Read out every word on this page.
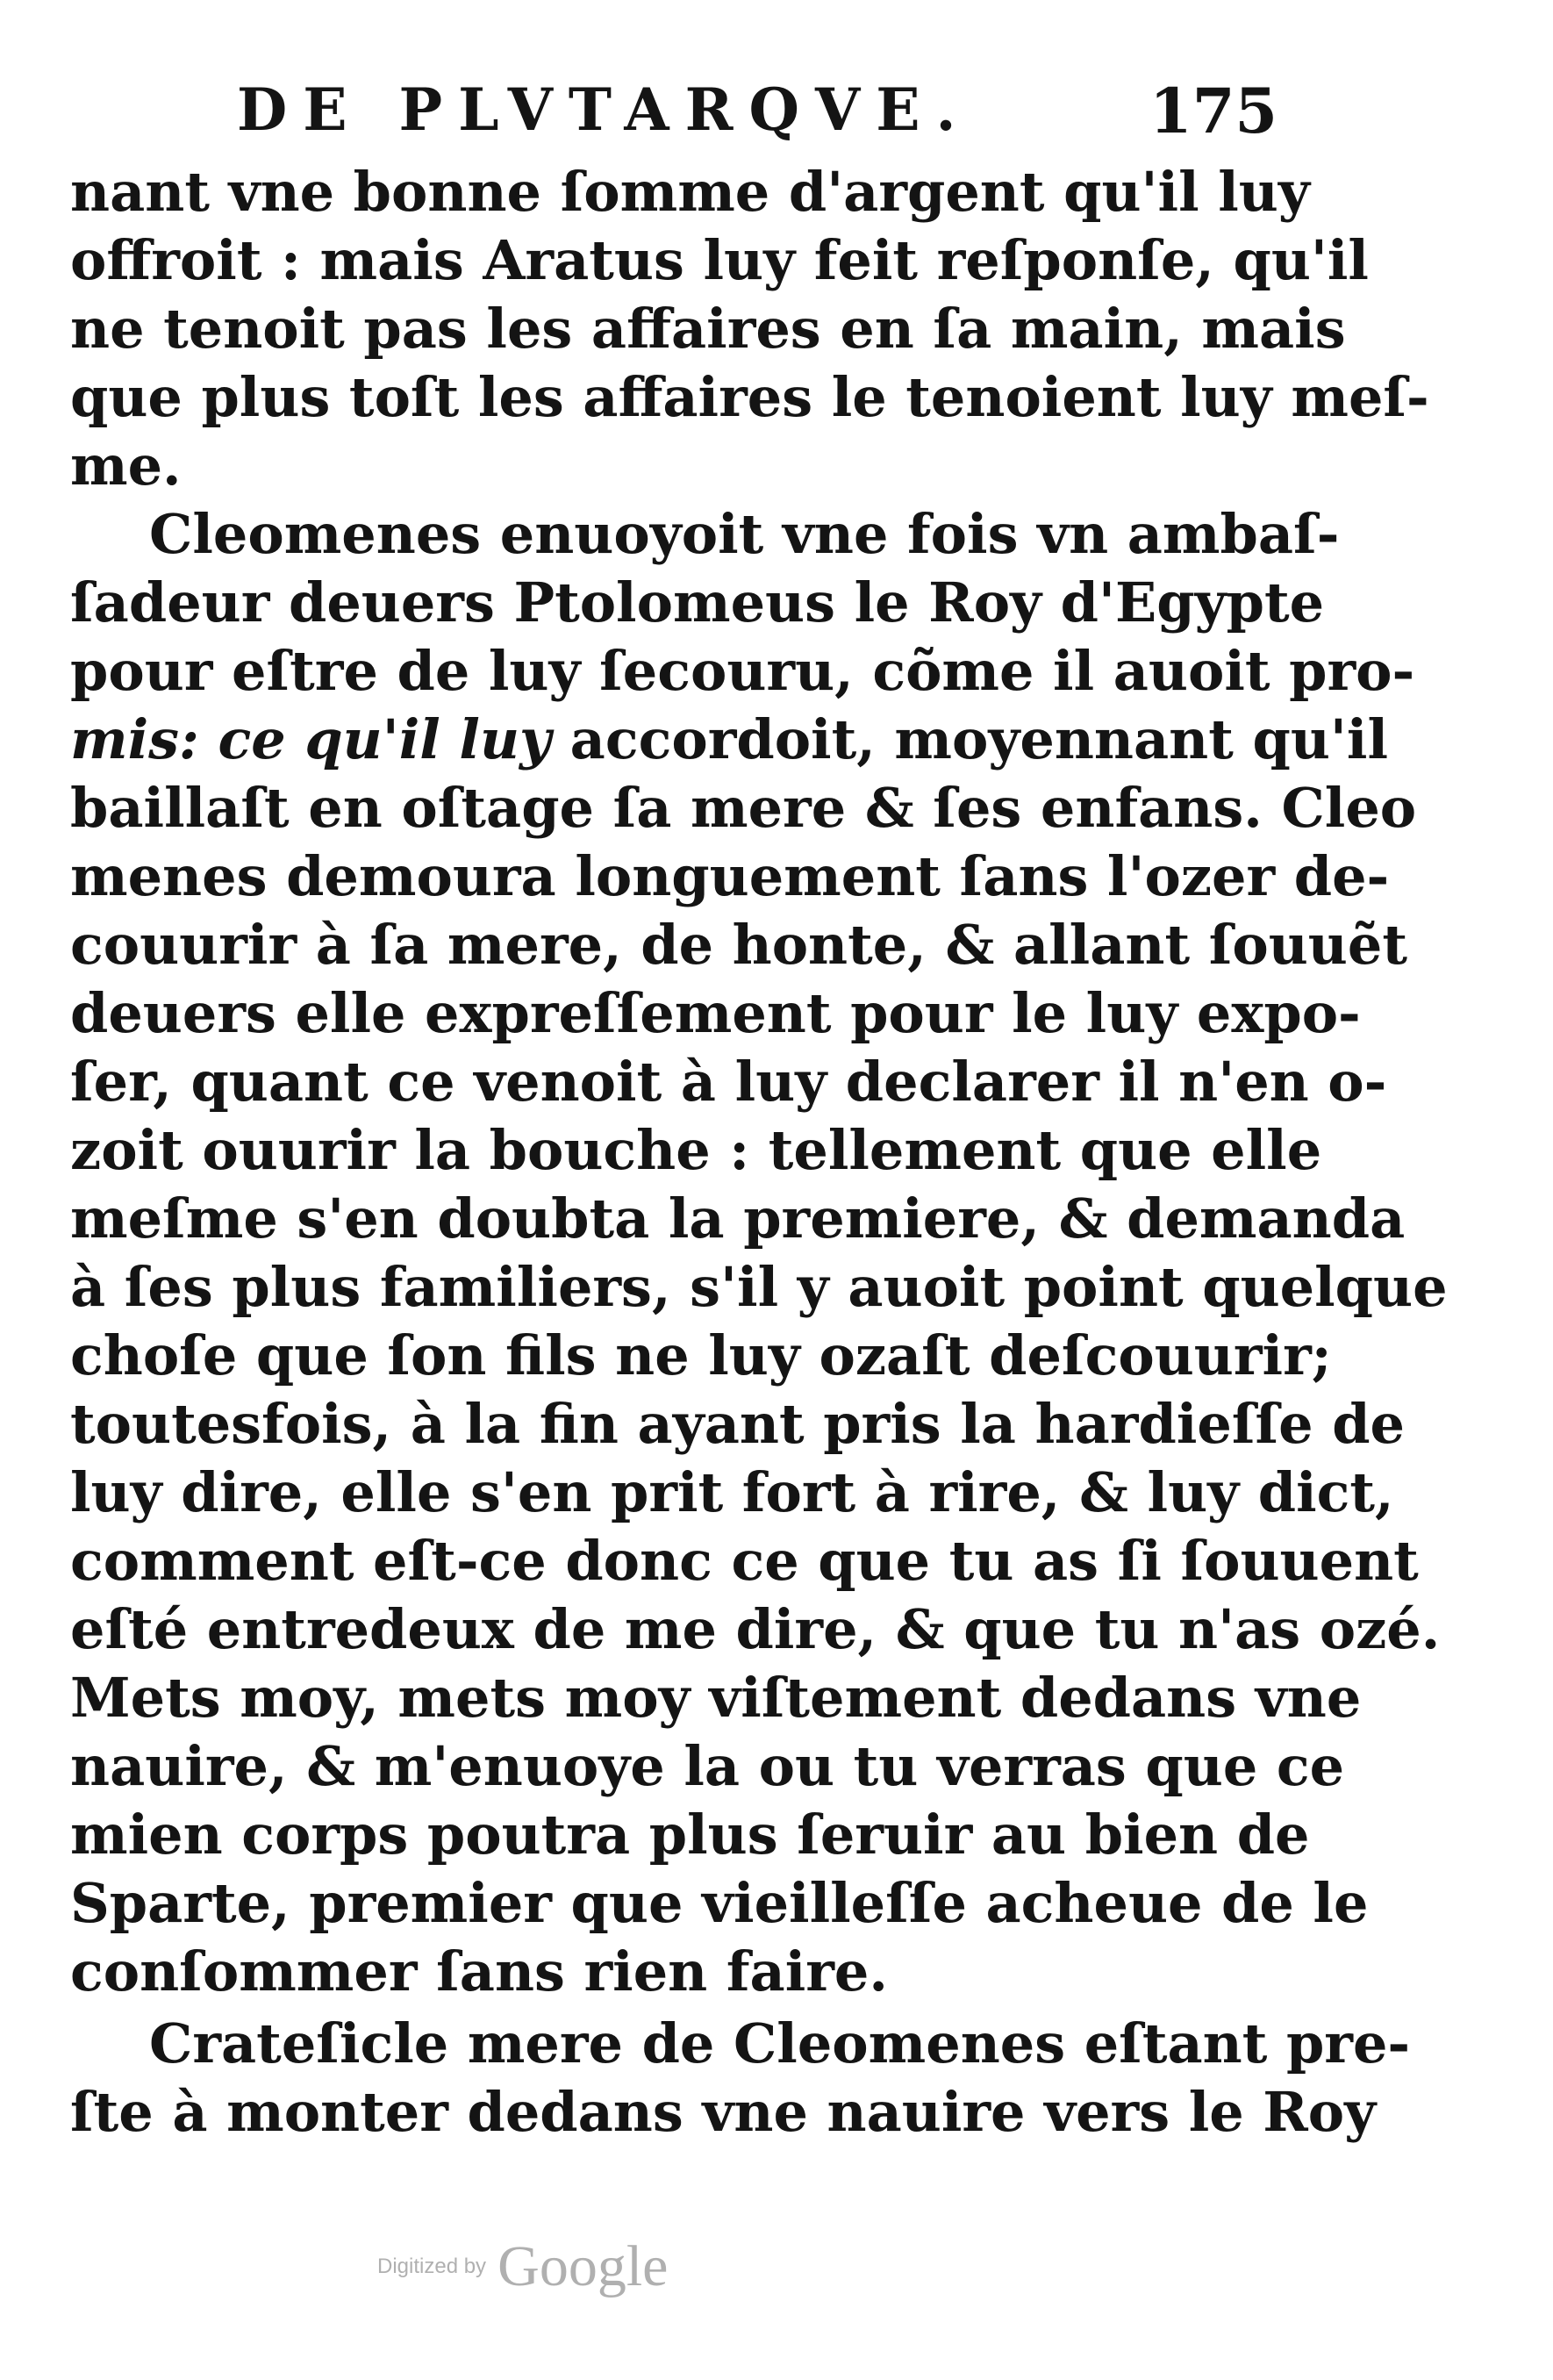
DE PLVTARQVE.	175
nant vne bonne ſomme d'argent qu'il luy
offroit : mais Aratus luy feit reſponſe, qu'il
ne tenoit pas les affaires en ſa main, mais
que plus toſt les affaires le tenoient luy meſ-
me.
Cleomenes enuoyoit vne fois vn ambaſ-
ſadeur deuers Ptolomeus le Roy d'Egypte
pour eſtre de luy ſecouru, cõme il auoit pro-
mis: ce qu'il luy accordoit, moyennant qu'il
baillaſt en oſtage ſa mere & ſes enfans. Cleo
menes demoura longuement ſans l'ozer de-
couurir à ſa mere, de honte, & allant ſouuẽt
deuers elle expreſſement pour le luy expo-
ſer, quant ce venoit à luy declarer il n'en o-
zoit ouurir la bouche : tellement que elle
meſme s'en doubta la premiere, & demanda
à ſes plus familiers, s'il y auoit point quelque
choſe que ſon fils ne luy ozaſt deſcouurir;
toutesfois, à la fin ayant pris la hardieſſe de
luy dire, elle s'en prit fort à rire, & luy dict,
comment eſt-ce donc ce que tu as ſi ſouuent
eſté entredeux de me dire, & que tu n'as ozé.
Mets moy, mets moy viſtement dedans vne
nauire, & m'enuoye la ou tu verras que ce
mien corps poutra plus ſeruir au bien de
Sparte, premier que vieilleſſe acheue de le
conſommer ſans rien faire.
Crateſicle mere de Cleomenes eſtant pre-
ſte à monter dedans vne nauire vers le Roy
Digitized by Google
